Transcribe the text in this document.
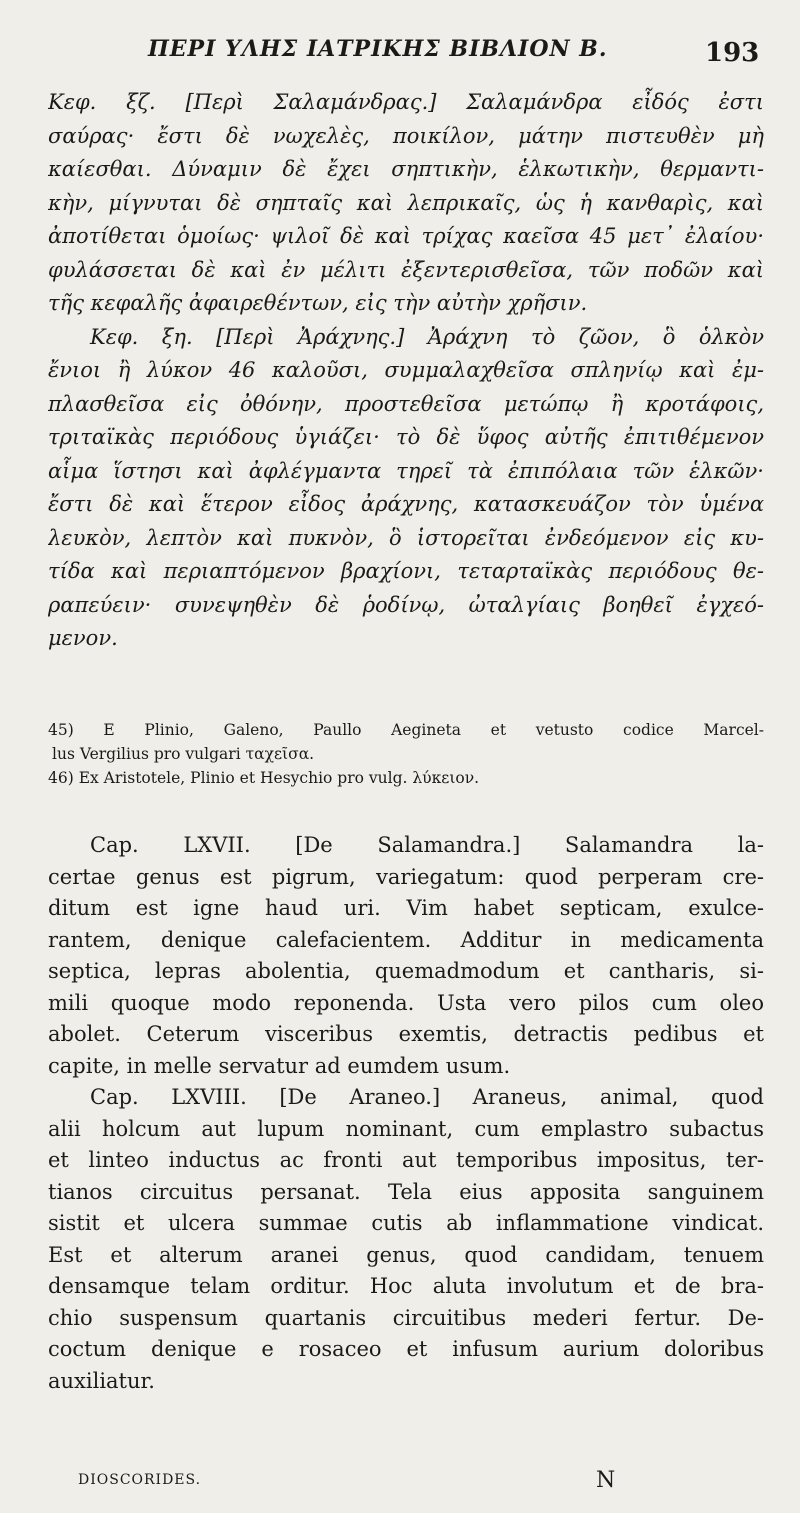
ΠΕΡΙ ΥΛΗΣ ΙΑΤΡΙΚΗΣ ΒΙΒΛΙΟΝ Β.	193
Κεφ. ξζ. [Περὶ Σαλαμάνδρας.] Σαλαμάνδρα εἶδός ἐστι
σαύρας· ἔστι δὲ νωχελὲς, ποικίλον, μάτην πιστευθὲν μὴ
καίεσθαι. Δύναμιν δὲ ἔχει σηπτικὴν, ἑλκωτικὴν, θερμαντι-
κὴν, μίγνυται δὲ σηπταῖς καὶ λεπρικαῖς, ὡς ἡ κανθαρὶς, καὶ
ἀποτίθεται ὁμοίως· ψιλοῖ δὲ καὶ τρίχας καεῖσα 45 μετ᾽ ἐλαίου·
φυλάσσεται δὲ καὶ ἐν μέλιτι ἐξεντερισθεῖσα, τῶν ποδῶν καὶ
τῆς κεφαλῆς ἀφαιρεθέντων, εἰς τὴν αὐτὴν χρῆσιν.
Κεφ. ξη. [Περὶ Ἀράχνης.] Ἀράχνη τὸ ζῶον, ὃ ὁλκὸν
ἔνιοι ἢ λύκον 46 καλοῦσι, συμμαλαχθεῖσα σπληνίῳ καὶ ἐμ-
πλασθεῖσα εἰς ὀθόνην, προστεθεῖσα μετώπῳ ἢ κροτάφοις,
τριταϊκὰς περιόδους ὑγιάζει· τὸ δὲ ὕφος αὐτῆς ἐπιτιθέμενον
αἷμα ἵστησι καὶ ἀφλέγμαντα τηρεῖ τὰ ἐπιπόλαια τῶν ἑλκῶν·
ἔστι δὲ καὶ ἕτερον εἶδος ἀράχνης, κατασκευάζον τὸν ὑμένα
λευκὸν, λεπτὸν καὶ πυκνὸν, ὃ ἱστορεῖται ἐνδεόμενον εἰς κυ-
τίδα καὶ περιαπτόμενον βραχίονι, τεταρταϊκὰς περιόδους θε-
ραπεύειν· συνεψηθὲν δὲ ῥοδίνῳ, ὠταλγίαις βοηθεῖ ἐγχεό-
μενον.
45) E Plinio, Galeno, Paullo Aegineta et vetusto codice Marcel-
lus Vergilius pro vulgari ταχεῖσα.
46) Ex Aristotele, Plinio et Hesychio pro vulg. λύκειον.
Cap. LXVII. [De Salamandra.] Salamandra la-
certae genus est pigrum, variegatum: quod perperam cre-
ditum est igne haud uri. Vim habet septicam, exulce-
rantem, denique calefacientem. Additur in medicamenta
septica, lepras abolentia, quemadmodum et cantharis, si-
mili quoque modo reponenda. Usta vero pilos cum oleo
abolet. Ceterum visceribus exemtis, detractis pedibus et
capite, in melle servatur ad eumdem usum.
Cap. LXVIII. [De Araneo.] Araneus, animal, quod
alii holcum aut lupum nominant, cum emplastro subactus
et linteo inductus ac fronti aut temporibus impositus, ter-
tianos circuitus persanat. Tela eius apposita sanguinem
sistit et ulcera summae cutis ab inflammatione vindicat.
Est et alterum aranei genus, quod candidam, tenuem
densamque telam orditur. Hoc aluta involutum et de bra-
chio suspensum quartanis circuitibus mederi fertur. De-
coctum denique e rosaceo et infusum aurium doloribus
auxiliatur.
DIOSCORIDES.	N
